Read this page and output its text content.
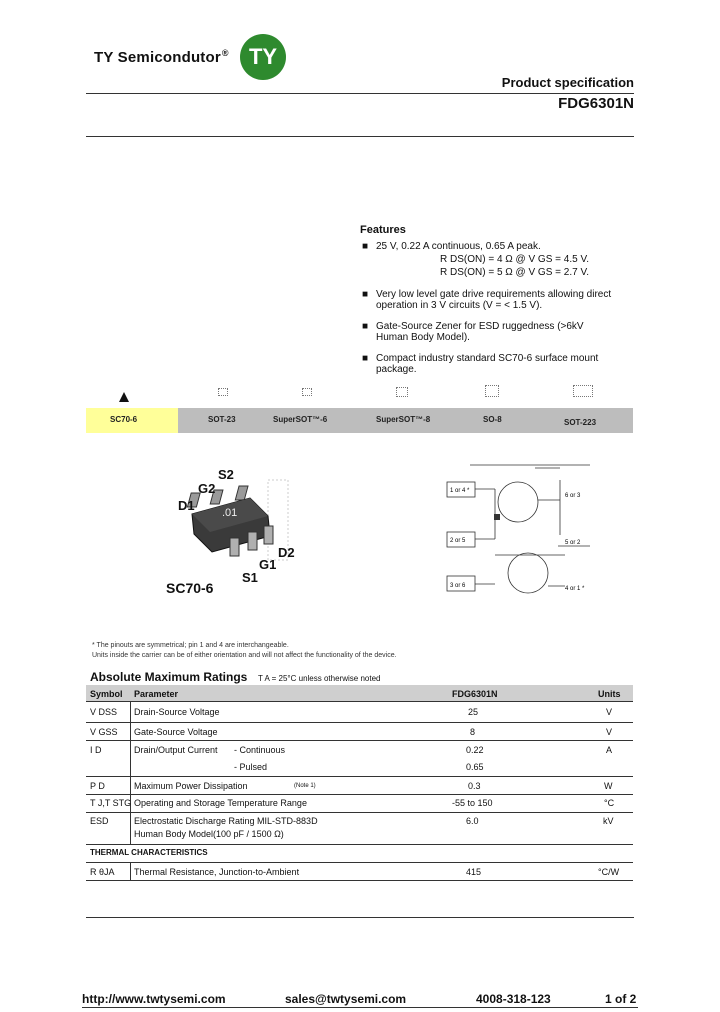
TY Semicondutor® TY
Product specification
FDG6301N
Features
■ 25 V, 0.22 A continuous, 0.65 A peak.
R DS(ON) = 4 Ω @ V GS = 4.5 V.
R DS(ON) = 5 Ω @ V GS = 2.7 V.
■ Very low level gate drive requirements allowing direct operation in 3 V circuits (V = < 1.5 V).
■ Gate-Source Zener for ESD ruggedness (>6kV Human Body Model).
■ Compact industry standard SC70-6 surface mount package.
SC70-6	SOT-23	SuperSOT™-6	SuperSOT™-8	SO-8	SOT-223
.01
S2
G2
D1
D2
G1
S1
SC70-6
1 or 4 *
6 or 3
2 or 5	5 or 2
3 or 6	4 or 1 *
* The pinouts are symmetrical; pin 1 and 4 are interchangeable.
Units inside the carrier can be of either orientation and will not affect the functionality of the device.
Absolute Maximum Ratings T A = 25°C unless otherwise noted
Symbol Parameter	FDG6301N	Units
V DSS Drain-Source Voltage	25	V
V GSS Gate-Source Voltage	8	V
I D	Drain/Output Current - Continuous	0.22	A
- Pulsed	0.65
P D	Maximum Power Dissipation	(Note 1)	0.3	W
T J,T STG Operating and Storage Temperature Range	-55 to 150	°C
ESD	Electrostatic Discharge Rating MIL-STD-883D
Human Body Model(100 pF / 1500 Ω)
6.0	kV
THERMAL CHARACTERISTICS
R θJA Thermal Resistance, Junction-to-Ambient	415	°C/W
http://www.twtysemi.com	sales@twtysemi.com	4008-318-123	1 of 2
